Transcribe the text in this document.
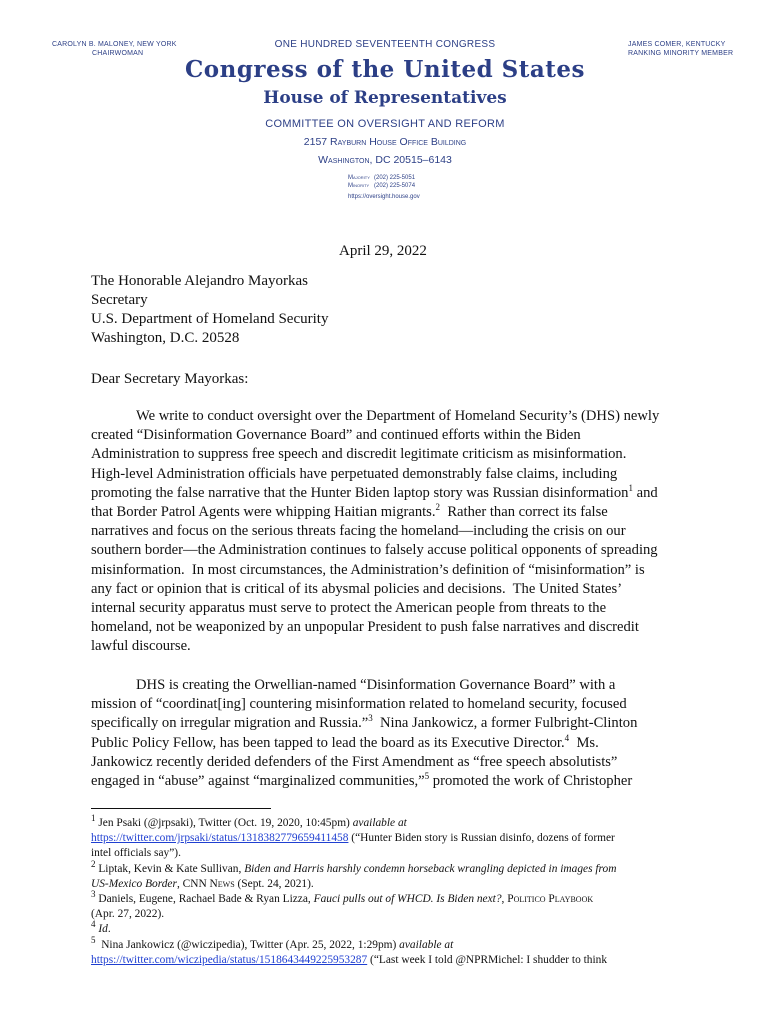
CAROLYN B. MALONEY, NEW YORK
CHAIRWOMAN
ONE HUNDRED SEVENTEENTH CONGRESS	JAMES COMER, KENTUCKY
RANKING MINORITY MEMBER
Congress of the United States
House of Representatives
COMMITTEE ON OVERSIGHT AND REFORM
2157 Rayburn House Office Building
Washington, DC 20515–6143
Majority (202) 225-5051
Minority (202) 225-5074
https://oversight.house.gov
April 29, 2022
The Honorable Alejandro Mayorkas
Secretary
U.S. Department of Homeland Security
Washington, D.C. 20528
Dear Secretary Mayorkas:
We write to conduct oversight over the Department of Homeland Security’s (DHS) newly
created “Disinformation Governance Board” and continued efforts within the Biden
Administration to suppress free speech and discredit legitimate criticism as misinformation.
High-level Administration officials have perpetuated demonstrably false claims, including
promoting the false narrative that the Hunter Biden laptop story was Russian disinformation$^1$ and
that Border Patrol Agents were whipping Haitian migrants.$^2$  Rather than correct its false
narratives and focus on the serious threats facing the homeland—including the crisis on our
southern border—the Administration continues to falsely accuse political opponents of spreading
misinformation.  In most circumstances, the Administration’s definition of “misinformation” is
any fact or opinion that is critical of its abysmal policies and decisions.  The United States’
internal security apparatus must serve to protect the American people from threats to the
homeland, not be weaponized by an unpopular President to push false narratives and discredit
lawful discourse.
DHS is creating the Orwellian-named “Disinformation Governance Board” with a
mission of “coordinat[ing] countering misinformation related to homeland security, focused
specifically on irregular migration and Russia.”$^3$  Nina Jankowicz, a former Fulbright-Clinton
Public Policy Fellow, has been tapped to lead the board as its Executive Director.$^4$  Ms.
Jankowicz recently derided defenders of the First Amendment as “free speech absolutists”
engaged in “abuse” against “marginalized communities,”$^5$ promoted the work of Christopher
$^1$ Jen Psaki (@jrpsaki), Twitter (Oct. 19, 2020, 10:45pm) available at
https://twitter.com/jrpsaki/status/1318382779659411458 (“Hunter Biden story is Russian disinfo, dozens of former
intel officials say”).
$^2$ Liptak, Kevin & Kate Sullivan, Biden and Harris harshly condemn horseback wrangling depicted in images from
US-Mexico Border, CNN News (Sept. 24, 2021).
$^3$ Daniels, Eugene, Rachael Bade & Ryan Lizza, Fauci pulls out of WHCD. Is Biden next?, Politico Playbook
(Apr. 27, 2022).
$^4$ Id.
$^5$  Nina Jankowicz (@wiczipedia), Twitter (Apr. 25, 2022, 1:29pm) available at
https://twitter.com/wiczipedia/status/1518643449225953287 (“Last week I told @NPRMichel: I shudder to think
